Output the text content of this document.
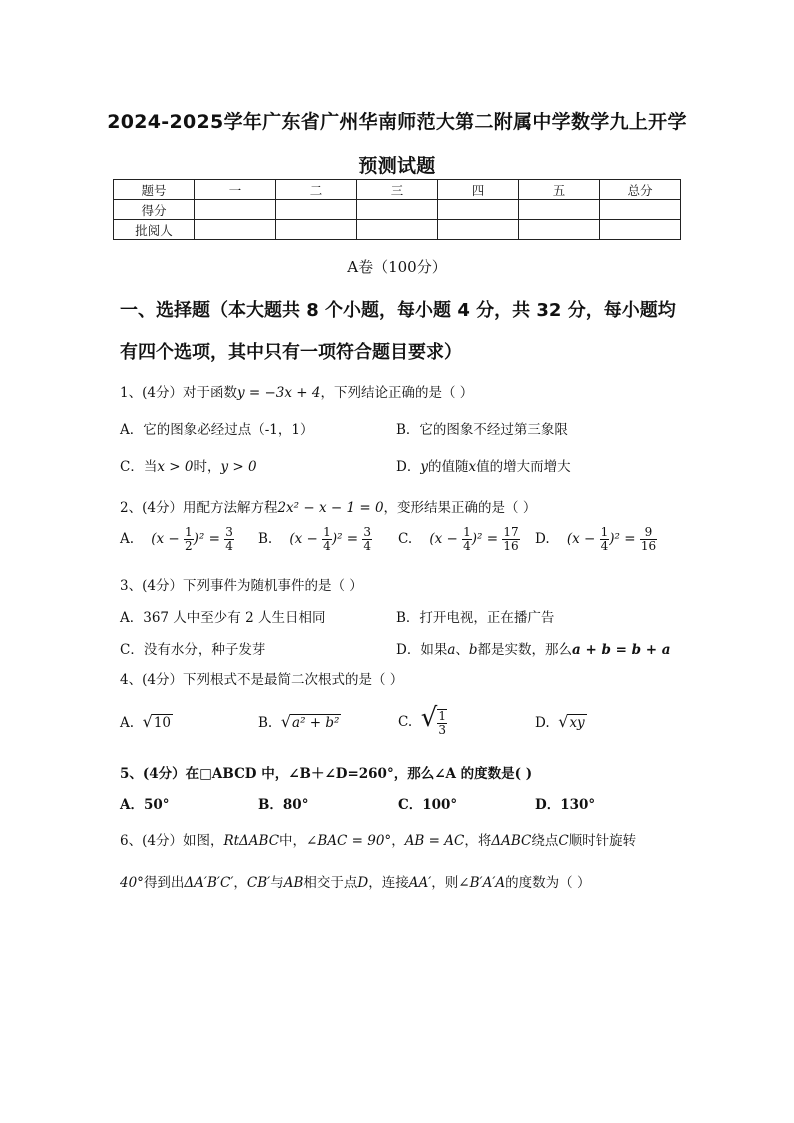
2024-2025学年广东省广州华南师范大第二附属中学数学九上开学
预测试题
题号	一	二	三	四	五	总分
得分						
批阅人						
A卷（100分）
一、选择题（本大题共 8 个小题，每小题 4 分，共 32 分，每小题均
有四个选项，其中只有一项符合题目要求）
1、(4分）对于函数y = −3x + 4，下列结论正确的是（ ）
A．它的图象必经过点（-1，1）	B．它的图象不经过第三象限
C．当x > 0时，y > 0	D．y的值随x值的增大而增大
2、(4分）用配方法解方程2x² − x − 1 = 0，变形结果正确的是（ ）
A. $(x - \frac{1}{2} )^2 = \frac{3}{4} B$. $(x - \frac{1}{4} )^2 = \frac{3}{4} C$. $(x - \frac{1}{4} )^2 = \frac{17}{16} D$. $(x - \frac{1}{4} )^2 = \frac{9}{16}$
3、(4分）下列事件为随机事件的是（ ）
A．367 人中至少有 2 人生日相同	B．打开电视，正在播广告
C．没有水分，种子发芽	D．如果a、b都是实数，那么a + b = b + a
4、(4分）下列根式不是最简二次根式的是（ ）
A. √10	B. √a² + b²	C. √ $\frac{1}{3}$	D. √xy
5、(4分）在□ABCD 中，∠B＋∠D=260°，那么∠A 的度数是( )
A．50°	B．80°	C．100°	D．130°
6、(4分）如图，RtΔABC中，∠BAC = 90°，AB = AC，将ΔABC绕点C顺时针旋转
40°得到出ΔA′B′C′，CB′与AB相交于点D，连接AA′，则∠B′A′A的度数为（ ）
